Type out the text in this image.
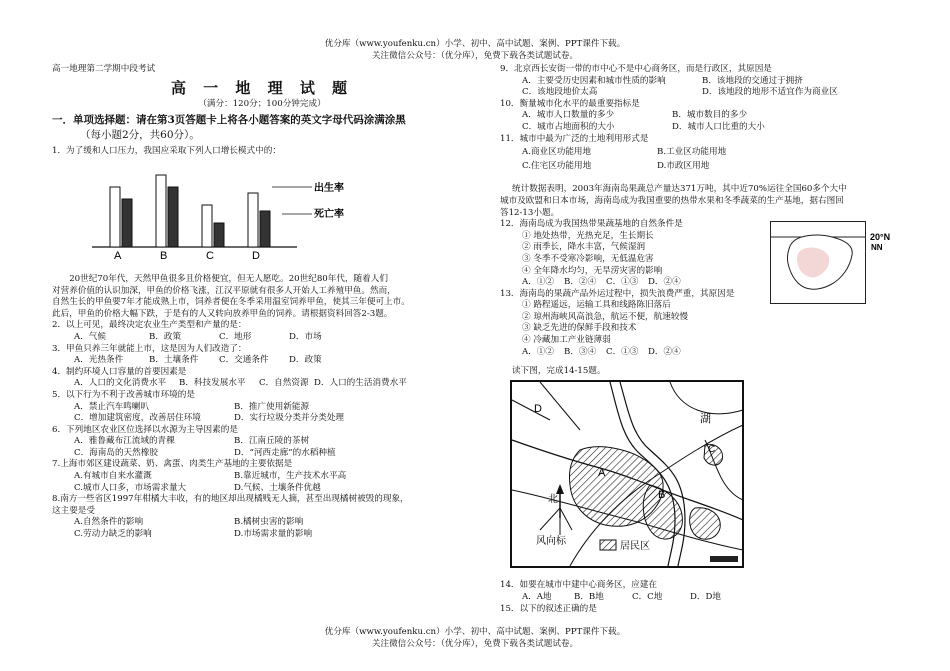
优分库（www.youfenku.cn）小学、初中、高中试题、案例、PPT课件下载。
关注微信公众号：（优分库），免费下载各类试题试卷。
高一地理第二学期中段考试
高 一 地 理 试 题
（满分：120分；100分钟完成）
一．单项选择题：请在第3页答题卡上将各小题答案的英文字母代码涂满涂黑
（每小题2分，共60分）。
1．为了缓和人口压力，我国应采取下列人口增长模式中的：
A	B	C	D
出生率
死亡率
20世纪70年代，天然甲鱼很多且价格便宜，但无人愿吃。20世纪80年代，随着人们
对营养价值的认识加深，甲鱼的价格飞涨，江汉平原就有很多人开始人工养殖甲鱼。然而，
自然生长的甲鱼要7年才能成熟上市，饲养者便在冬季采用温室饲养甲鱼，使其三年便可上市。
此后，甲鱼的价格大幅下跌，于是有的人又转向放养甲鱼的饲养。请根据资料回答2-3题。
2．以上可见，最终决定农业生产类型和产量的是：
A．气候	B．政策	C．地形	D．市场
3．甲鱼只养三年就能上市，这是因为人们改造了：
A．光热条件	B．土壤条件 C．交通条件 D．政策
4．制约环境人口容量的首要因素是
A．人口的文化消费水平 B．科技发展水平 C．自然资源 D．人口的生活消费水平
5．以下行为不利于改善城市环境的是
A．禁止汽车鸣喇叭	B．推广使用新能源
C．增加建筑密度，改善居住环境	D．实行垃圾分类并分类处理
6．下列地区农业区位选择以水源为主导因素的是
A．雅鲁藏布江流域的青稞	B．江南丘陵的茶树
C．海南岛的天然橡胶	D．“河西走廊”的水稻种植
7.上海市郊区建设蔬菜、奶、禽蛋、肉类生产基地的主要依据是
A.有城市自来水灌溉	B.靠近城市，生产技术水平高
C.城市人口多，市场需求量大	D.气候、土壤条件优越
8.南方一些省区1997年柑橘大丰收，有的地区却出现橘贱无人摘，甚至出现橘树被毁的现象，
这主要是受
A.自然条件的影响	B.橘树虫害的影响
C.劳动力缺乏的影响	D.市场需求量的影响
9．北京西长安街一带的市中心不是中心商务区，而是行政区，其原因是
A．主要受历史因素和城市性质的影响	B．该地段的交通过于拥挤
C．该地段地价太高	D．该地段的地形不适宜作为商业区
10．衡量城市化水平的最重要指标是
A．城市人口数量的多少	B．城市数目的多少
C．城市占地面积的大小	D．城市人口比重的大小
11．城市中最为广泛的土地利用形式是
A.商业区功能用地	B.工业区功能用地
C.住宅区功能用地	D.市政区用地
统计数据表明，2003年海南岛果蔬总产量达371万吨，其中近70%运往全国60多个大中
城市及欧盟和日本市场，海南岛成为我国重要的热带水果和冬季蔬菜的生产基地，据右图回
答12-13小题。
12．海南岛成为我国热带果蔬基地的自然条件是
① 地处热带，光热充足，生长期长
② 雨季长，降水丰富，气候湿润
③ 冬季不受寒冷影响，无低温危害
④ 全年降水均匀，无旱涝灾害的影响
A．①② B．②④ C．①③ D．②④
13．海南岛的果蔬产品外运过程中，损失浪费严重，其原因是
① 路程遥远，运输工具和线路陈旧落后
② 琼州海峡风高浪急，航运不便，航速较慢
③ 缺乏先进的保鲜手段和技术
④ 冷藏加工产业链薄弱
A．①② B．③④ C．①③ D．②④
20°N
NN
读下图，完成14-15题。
D
A
B
C
湖
北
风向标	居民区
14．如要在城市中建中心商务区，应建在
A．A地	B．B地	C．C地	D．D地
15．以下的叙述正确的是
优分库（www.youfenku.cn）小学、初中、高中试题、案例、PPT课件下载。
关注微信公众号：（优分库），免费下载各类试题试卷。
